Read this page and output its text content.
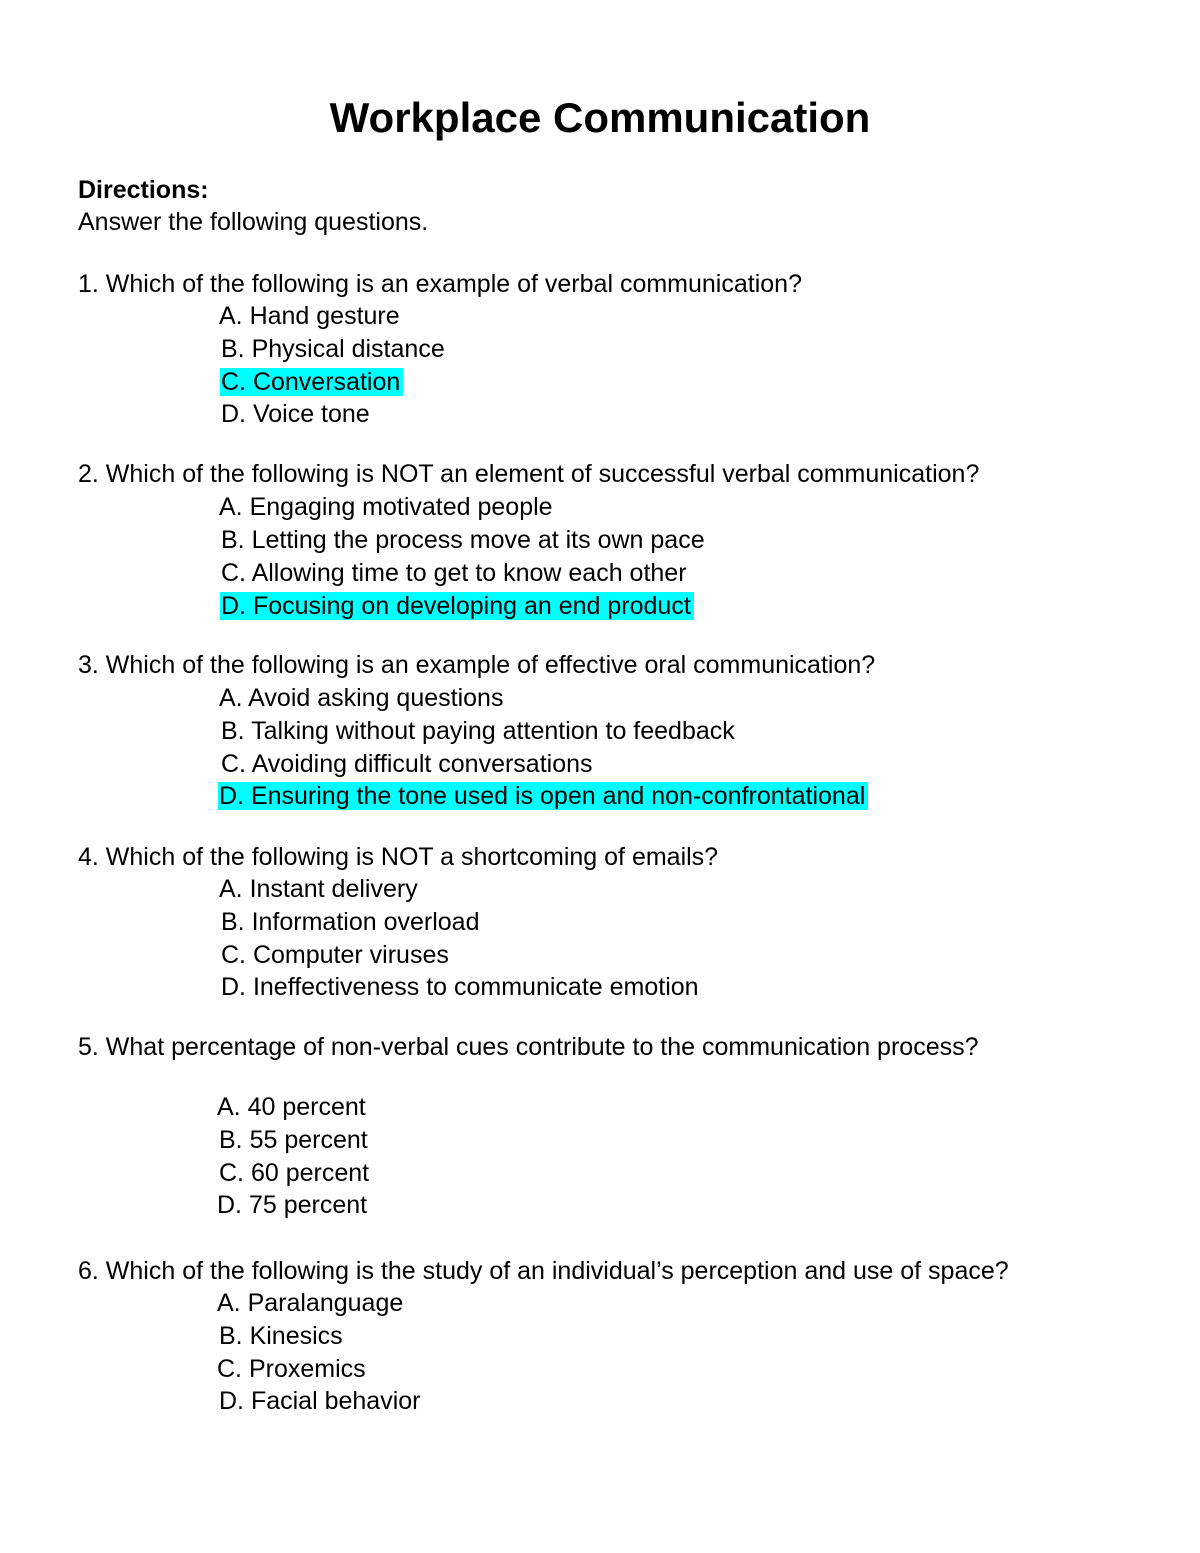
Workplace Communication

Directions:

Answer the following questions.

1. Which of the following is an example of verbal communication?

A. Hand gesture

B. Physical distance

C. Conversation

D. Voice tone

2. Which of the following is NOT an element of successful verbal communication?

A. Engaging motivated people

B. Letting the process move at its own pace

C. Allowing time to get to know each other

D. Focusing on developing an end product

3. Which of the following is an example of effective oral communication?

A. Avoid asking questions

B. Talking without paying attention to feedback

C. Avoiding difficult conversations

D. Ensuring the tone used is open and non-confrontational

4. Which of the following is NOT a shortcoming of emails?

A. Instant delivery

B. Information overload

C. Computer viruses

D. Ineffectiveness to communicate emotion

5. What percentage of non-verbal cues contribute to the communication process?

A. 40 percent

B. 55 percent

C. 60 percent

D. 75 percent

6. Which of the following is the study of an individual’s perception and use of space?

A. Paralanguage

B. Kinesics

C. Proxemics

D. Facial behavior
